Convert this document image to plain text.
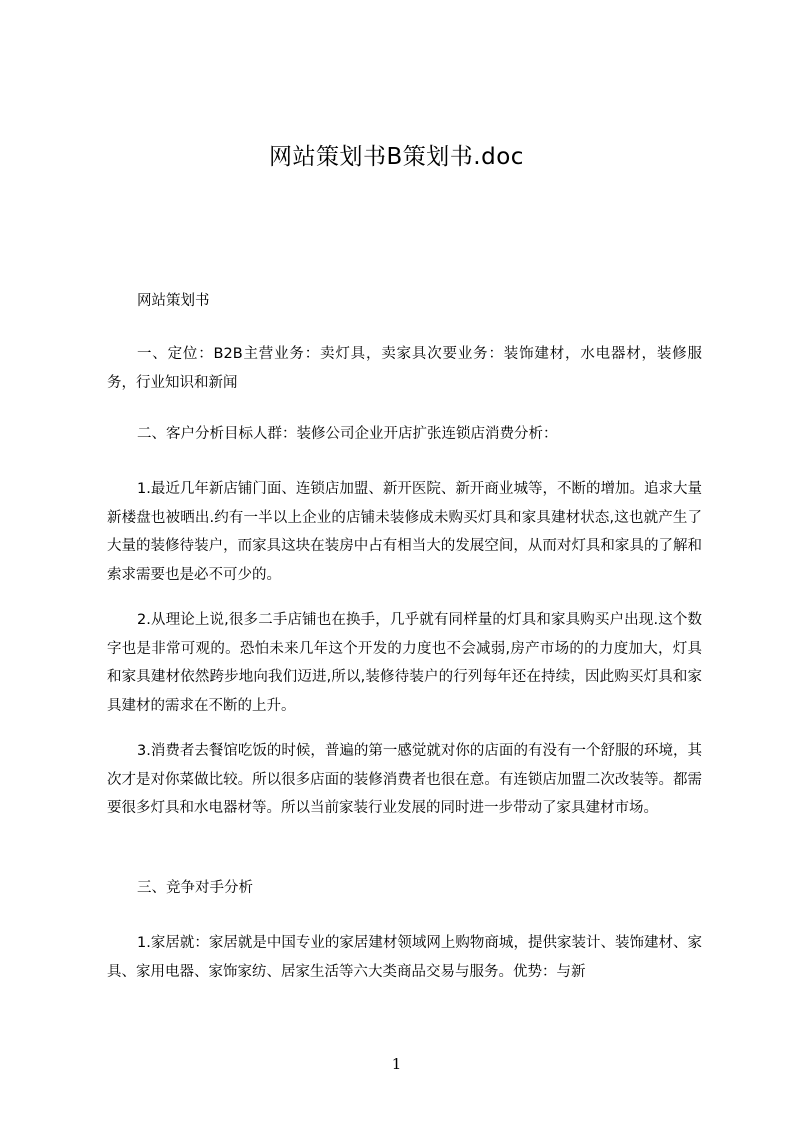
网站策划书B策划书.doc
网站策划书

一、定位：B2B主营业务：卖灯具，卖家具次要业务：装饰建材，水电器材，装修服务，行业知识和新闻

二、客户分析目标人群：装修公司企业开店扩张连锁店消费分析：

1.最近几年新店铺门面、连锁店加盟、新开医院、新开商业城等，不断的增加。追求大量新楼盘也被晒出.约有一半以上企业的店铺未装修成未购买灯具和家具建材状态,这也就产生了大量的装修待装户，而家具这块在装房中占有相当大的发展空间，从而对灯具和家具的了解和索求需要也是必不可少的。

2.从理论上说,很多二手店铺也在换手，几乎就有同样量的灯具和家具购买户出现.这个数字也是非常可观的。恐怕未来几年这个开发的力度也不会减弱,房产市场的的力度加大，灯具和家具建材依然跨步地向我们迈进,所以,装修待装户的行列每年还在持续，因此购买灯具和家具建材的需求在不断的上升。

3.消费者去餐馆吃饭的时候，普遍的第一感觉就对你的店面的有没有一个舒服的环境，其次才是对你菜做比较。所以很多店面的装修消费者也很在意。有连锁店加盟二次改装等。都需要很多灯具和水电器材等。所以当前家装行业发展的同时进一步带动了家具建材市场。

三、竞争对手分析

1.家居就：家居就是中国专业的家居建材领域网上购物商城，提供家装计、装饰建材、家具、家用电器、家饰家纺、居家生活等六大类商品交易与服务。优势：与新

1
